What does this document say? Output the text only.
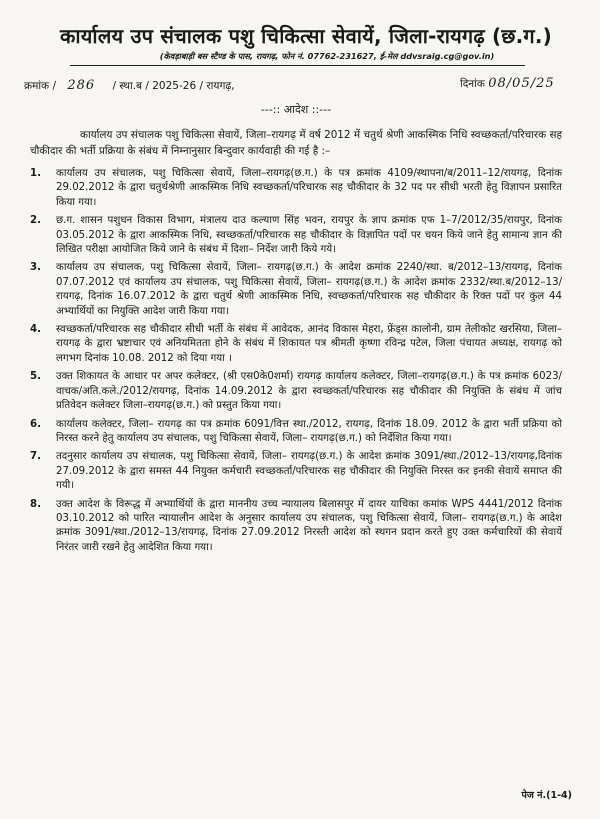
कार्यालय उप संचालक पशु चिकित्सा सेवायें, जिला-रायगढ़ (छ.ग.)
(केवड़ाबाड़ी बस स्टैण्ड के पास, रायगढ़, फोन नं. 07762-231627, ई-मेल ddvsraig.cg@gov.in)
क्रमांक / 286 / स्था.ब / 2025-26 / रायगढ़,	दिनांक 08/05/25
---:: आदेश ::---
कार्यालय उप संचालक पशु चिकित्सा सेवायें, जिला–रायगढ़ में वर्ष 2012 में चतुर्थ श्रेणी आकस्मिक निधि स्वच्छकर्ता/परिचारक सह चौकीदार की भर्ती प्रक्रिया के संबंध में निम्नानुसार बिन्दुवार कार्यवाही की गई है :–
1. कार्यालय उप संचालक, पशु चिकित्सा सेवायें, जिला–रायगढ़(छ.ग.) के पत्र क्रमांक 4109/स्थापना/ब/2011–12/रायगढ़, दिनांक 29.02.2012 के द्वारा चतुर्थश्रेणी आकस्मिक निधि स्वच्छकर्ता/परिचारक सह चौकीदार के 32 पद पर सीधी भरती हेतु विज्ञापन प्रसारित किया गया।
2. छ.ग. शासन पशुधन विकास विभाग, मंत्रालय दाउ कल्याण सिंह भवन, रायपुर के ज्ञाप क्रमांक एफ 1–7/2012/35/रायपुर, दिनांक 03.05.2012 के द्वारा आकस्मिक निधि, स्वच्छकर्ता/परिचारक सह चौकीदार के विज्ञापित पदों पर चयन किये जाने हेतु सामान्य ज्ञान की लिखित परीक्षा आयोजित किये जाने के संबंध में दिशा– निर्देश जारी किये गये।
3. कार्यालय उप संचालक, पशु चिकित्सा सेवायें, जिला– रायगढ़(छ.ग.) के आदेश क्रमांक 2240/स्था. ब/2012–13/रायगढ़, दिनांक 07.07.2012 एवं कार्यालय उप संचालक, पशु चिकित्सा सेवायें, जिला– रायगढ़(छ.ग.) के आदेश क्रमांक 2332/स्था.ब/2012–13/रायगढ़, दिनांक 16.07.2012 के द्वारा चतुर्थ श्रेणी आकस्मिक निधि, स्वच्छकर्ता/परिचारक सह चौकीदार के रिक्त पदों पर कुल 44 अभ्यार्थियों का नियुक्ति आदेश जारी किया गया।
4. स्वच्छकर्ता/परिचारक सह चौकीदार सीधी भर्ती के संबंध में आवेदक, आनंद विकास मेहरा, फ्रेंड्स कालोनी, ग्राम तेलीकोट खरसिया, जिला– रायगढ़ के द्वारा भ्रष्टाचार एवं अनियमितता होने के संबंध में शिकायत पत्र श्रीमती कृष्णा रविन्द्र पटेल, जिला पंचायत अध्यक्ष, रायगढ़ को लगभग दिनांक 10.08. 2012 को दिया गया ।
5. उक्त शिकायत के आधार पर अपर कलेक्टर, (श्री एस0के0शर्मा) रायगढ़ कार्यालय कलेक्टर, जिला–रायगढ़(छ.ग.) के पत्र क्रमांक 6023/वाचक/अति.कले./2012/रायगढ़, दिनांक 14.09.2012 के द्वारा स्वच्छकर्ता/परिचारक सह चौकीदार की नियुक्ति के संबंध में जांच प्रतिवेदन कलेक्टर जिला–रायगढ़(छ.ग.) को प्रस्तुत किया गया।
6. कार्यालय कलेक्टर, जिला– रायगढ़ का पत्र क्रमांक 6091/वित्त स्था./2012, रायगढ़, दिनांक 18.09. 2012 के द्वारा भर्ती प्रक्रिया को निरस्त करने हेतु कार्यालय उप संचालक, पशु चिकित्सा सेवायें, जिला– रायगढ़(छ.ग.) को निर्देशित किया गया।
7. तदनुसार कार्यालय उप संचालक, पशु चिकित्सा सेवायें, जिला– रायगढ़(छ.ग.) के आदेश क्रमांक 3091/स्था./2012–13/रायगढ़,दिनांक 27.09.2012 के द्वारा समस्त 44 नियुक्त कर्मचारी स्वच्छकर्ता/परिचारक सह चौकीदार की नियुक्ति निरस्त कर इनकी सेवायें समाप्त की गयी।
8. उक्त आदेश के विरूद्ध में अभ्यार्थियों के द्वारा माननीय उच्च न्यायालय बिलासपुर में दायर याचिका कमांक WPS 4441/2012 दिनांक 03.10.2012 को पारित न्यायालीन आदेश के अनुसार कार्यालय उप संचालक, पशु चिकित्सा सेवायें, जिला– रायगढ़(छ.ग.) के आदेश क्रमांक 3091/स्था./2012–13/रायगढ़, दिनांक 27.09.2012 निरस्ती आदेश को स्थगन प्रदान करते हुए उक्त कर्मचारियों की सेवायें निरंतर जारी रखने हेतु आदेशित किया गया।
पेज नं.(1-4)
